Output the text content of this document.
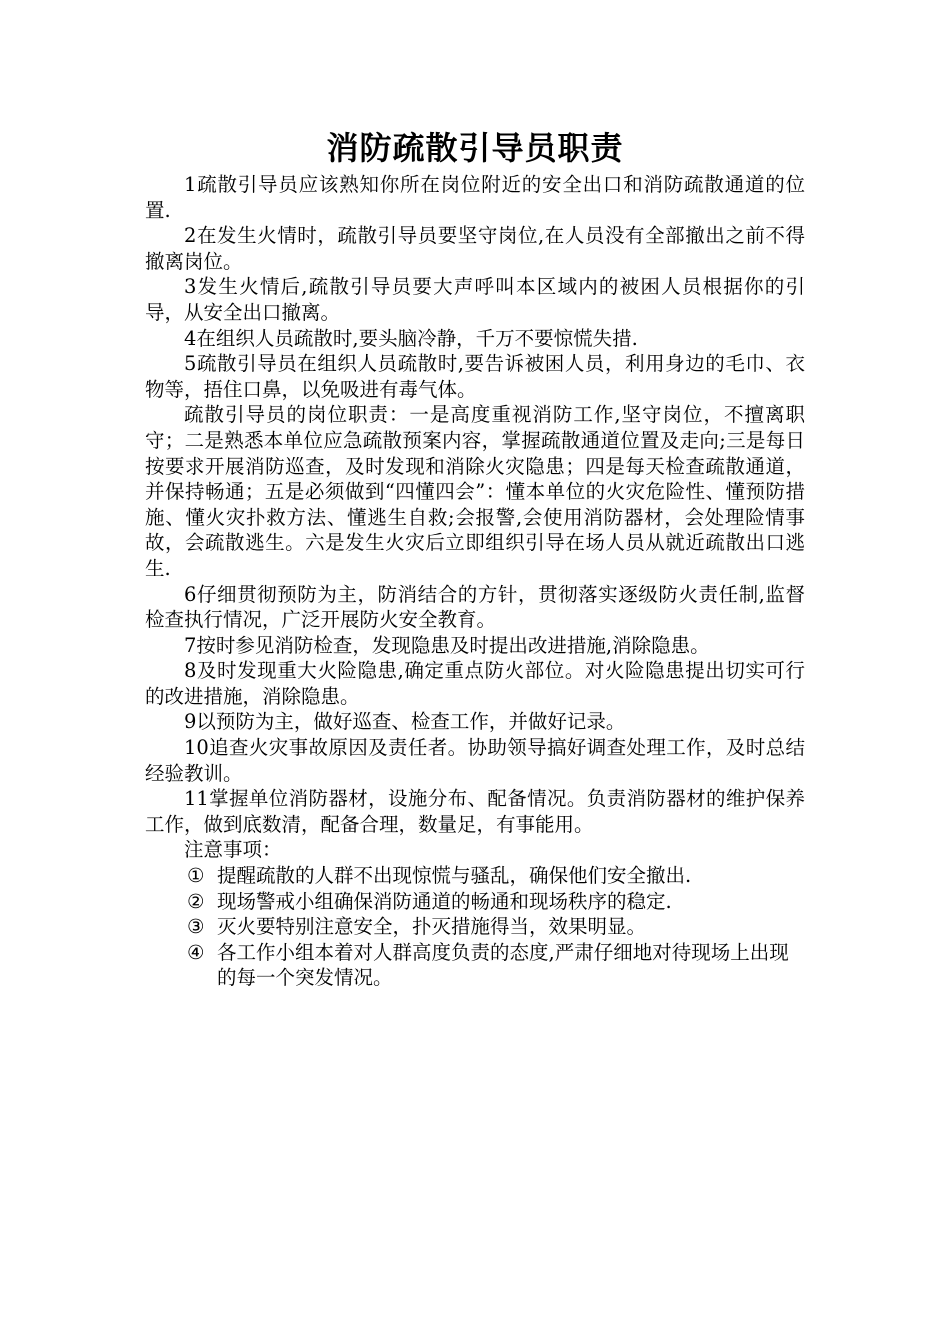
消防疏散引导员职责

1疏散引导员应该熟知你所在岗位附近的安全出口和消防疏散通道的位置.

2在发生火情时，疏散引导员要坚守岗位,在人员没有全部撤出之前不得撤离岗位。

3发生火情后,疏散引导员要大声呼叫本区域内的被困人员根据你的引导，从安全出口撤离。

4在组织人员疏散时,要头脑冷静，千万不要惊慌失措.

5疏散引导员在组织人员疏散时,要告诉被困人员，利用身边的毛巾、衣物等，捂住口鼻，以免吸进有毒气体。

疏散引导员的岗位职责：一是高度重视消防工作,坚守岗位，不擅离职守；二是熟悉本单位应急疏散预案内容，掌握疏散通道位置及走向;三是每日按要求开展消防巡查，及时发现和消除火灾隐患；四是每天检查疏散通道，并保持畅通；五是必须做到“四懂四会”：懂本单位的火灾危险性、懂预防措施、懂火灾扑救方法、懂逃生自救;会报警,会使用消防器材，会处理险情事故，会疏散逃生。六是发生火灾后立即组织引导在场人员从就近疏散出口逃生.

6仔细贯彻预防为主，防消结合的方针，贯彻落实逐级防火责任制,监督检查执行情况，广泛开展防火安全教育。

7按时参见消防检查，发现隐患及时提出改进措施,消除隐患。

8及时发现重大火险隐患,确定重点防火部位。对火险隐患提出切实可行的改进措施，消除隐患。

9以预防为主，做好巡查、检查工作，并做好记录。

10追查火灾事故原因及责任者。协助领导搞好调查处理工作，及时总结经验教训。

11掌握单位消防器材，设施分布、配备情况。负责消防器材的维护保养工作，做到底数清，配备合理，数量足，有事能用。

注意事项：

① 提醒疏散的人群不出现惊慌与骚乱，确保他们安全撤出.

② 现场警戒小组确保消防通道的畅通和现场秩序的稳定.

③ 灭火要特别注意安全，扑灭措施得当，效果明显。

④ 各工作小组本着对人群高度负责的态度,严肃仔细地对待现场上出现的每一个突发情况。
